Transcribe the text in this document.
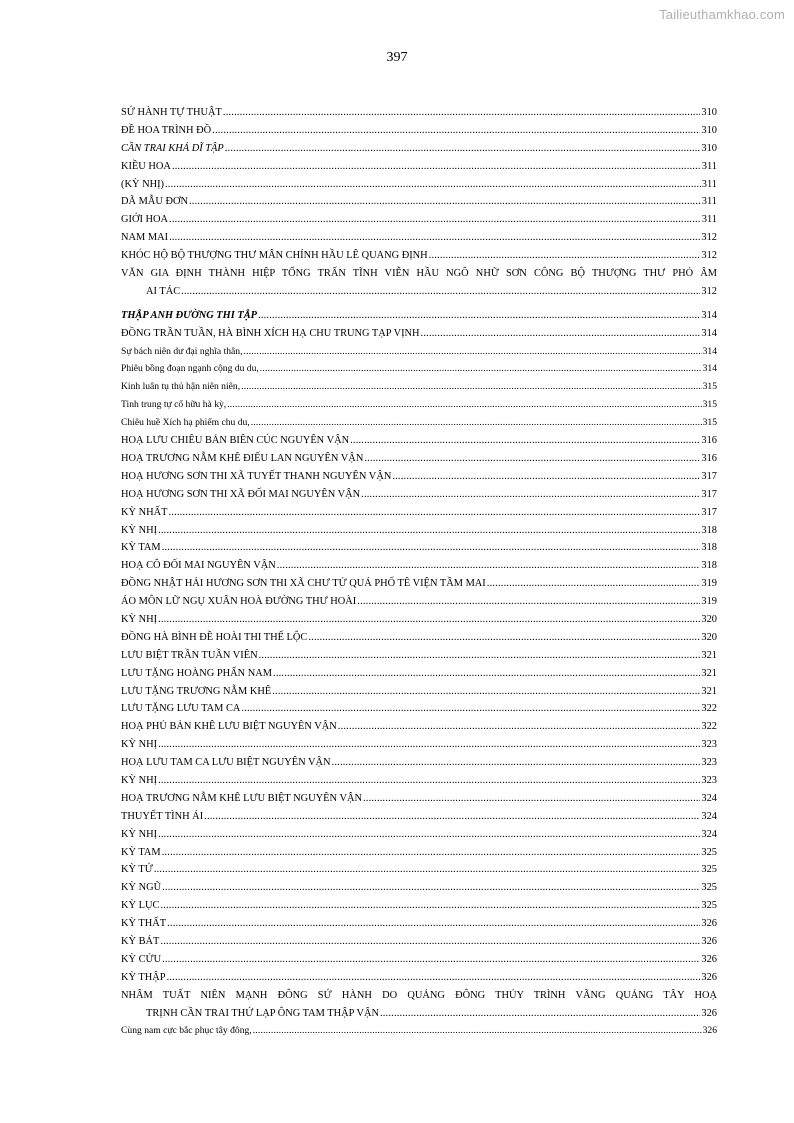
Tailieuthamkhao.com
397
SỨ HÀNH TỰ THUẬT .....	310
ĐỀ HOA TRÌNH ĐỒ .....	310
CẦN TRAI KHẢ DĨ TẬP .....	310
KIỀU HOA .....	311
(KỲ NHỊ) .....	311
DÃ MẪU ĐƠN .....	311
GIỚI HOA .....	311
NAM MAI .....	312
KHÓC HỘ BỘ THƯỢNG THƯ MÂN CHÍNH HẦU LÊ QUANG ĐỊNH .....	312
VĂN GIA ĐỊNH THÀNH HIỆP TỔNG TRẤN TĨNH VIỄN HẦU NGÔ NHỮ SƠN CÔNG BỘ THƯỢNG THƯ PHỎ ÂM
AI TÁC .....	312
THẬP ANH ĐƯỜNG THI TẬP .....	314
ĐỒNG TRẦN TUẦN, HÀ BÌNH XÍCH HẠ CHU TRUNG TẠP VỊNH .....	314
Sự bách niên dư đại nghĩa thân, .....	314
Phiêu bồng đoạn ngạnh cộng du du, .....	314
Kinh luân tụ thủ hận niên niên, .....	315
Tinh trung tự cổ hữu hà kỳ, .....	315
Chiêu huề Xích hạ phiếm chu du, .....	315
HOẠ LƯU CHIÊU BẢN BIÊN CÚC NGUYÊN VẬN .....	316
HOẠ TRƯƠNG NẪM KHÊ ĐIẾU LAN NGUYÊN VẬN .....	316
HOẠ HƯƠNG SƠN THI XÃ TUYẾT THANH NGUYÊN VẬN .....	317
HOẠ HƯƠNG SƠN THI XÃ ĐỐI MAI NGUYÊN VẬN .....	317
KỲ NHẤT .....	317
KỲ NHỊ .....	318
KỲ TAM .....	318
HOẠ CÔ ĐỐI MAI NGUYÊN VẬN .....	318
ĐỒNG NHẬT HẢI HƯƠNG SƠN THI XÃ CHƯ TỬ QUÁ PHỐ TÊ VIỆN TẦM MAI .....	319
ÁO MÔN LỮ NGỤ XUÂN HOÀ ĐƯỜNG THƯ HOÀI .....	319
KỲ NHỊ .....	320
ĐỒNG HÀ BÌNH ĐỀ HOÀI THI THẾ LỘC .....	320
LƯU BIỆT TRẦN TUẦN VIÊN .....	321
LƯU TẶNG HOÀNG PHẤN NAM .....	321
LƯU TẶNG TRƯƠNG NẪM KHÊ .....	321
LƯU TẶNG LƯU TAM CA .....	322
HOẠ PHỦ BẢN KHÊ LƯU BIỆT NGUYÊN VẬN .....	322
KỲ NHỊ .....	323
HOẠ LƯU TAM CA LƯU BIỆT NGUYÊN VẬN .....	323
KỲ NHỊ .....	323
HOẠ TRƯƠNG NẪM KHÊ LƯU BIỆT NGUYÊN VẬN .....	324
THUYẾT TÌNH ÁI .....	324
KỲ NHỊ .....	324
KỲ TAM .....	325
KỲ TỨ .....	325
KỲ NGŨ .....	325
KỲ LỤC .....	325
KỲ THẤT .....	326
KỲ BÁT .....	326
KỲ CỬU .....	326
KỲ THẬP .....	326
NHÂM TUẤT NIÊN MẠNH ĐÔNG SỨ HÀNH DO QUẢNG ĐÔNG THỦY TRÌNH VÃNG QUẢNG TÂY HOẠ
TRỊNH CẦN TRAI THỨ LẠP ÔNG TAM THẬP VẬN .....	326
Cùng nam cực bắc phục tây đông, .....	326
